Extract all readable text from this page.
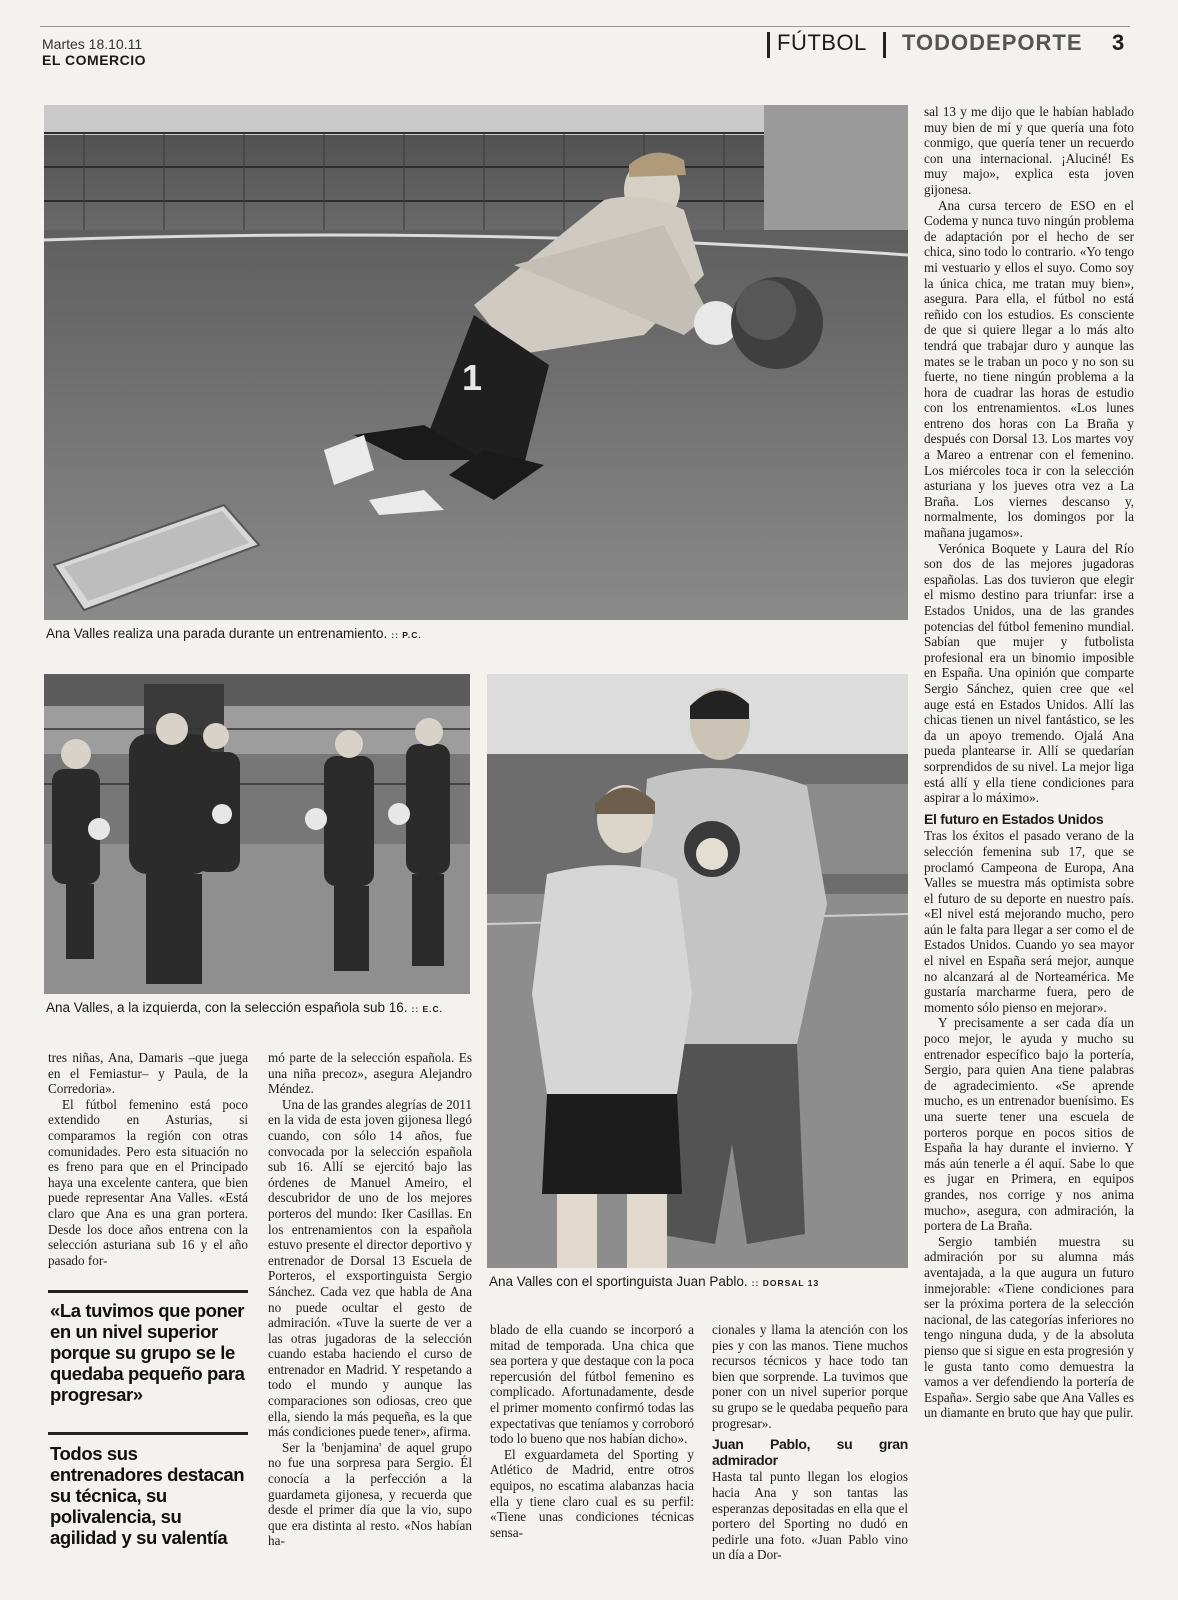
Martes 18.10.11
EL COMERCIO
FÚTBOL TODODEPORTE 3
1
Ana Valles realiza una parada durante un entrenamiento. :: P.C.
Ana Valles, a la izquierda, con la selección española sub 16. :: E.C.
Ana Valles con el sportinguista Juan Pablo. :: DORSAL 13

sal 13 y me dijo que le habían hablado muy bien de mí y que quería una foto conmigo, que quería tener un recuerdo con una internacional. ¡Aluciné! Es muy majo», explica esta joven gijonesa.

Ana cursa tercero de ESO en el Codema y nunca tuvo ningún problema de adaptación por el hecho de ser chica, sino todo lo contrario. «Yo tengo mi vestuario y ellos el suyo. Como soy la única chica, me tratan muy bien», asegura. Para ella, el fútbol no está reñido con los estudios. Es consciente de que si quiere llegar a lo más alto tendrá que trabajar duro y aunque las mates se le traban un poco y no son su fuerte, no tiene ningún problema a la hora de cuadrar las horas de estudio con los entrenamientos. «Los lunes entreno dos horas con La Braña y después con Dorsal 13. Los martes voy a Mareo a entrenar con el femenino. Los miércoles toca ir con la selección asturiana y los jueves otra vez a La Braña. Los viernes descanso y, normalmente, los domingos por la mañana jugamos».

Verónica Boquete y Laura del Río son dos de las mejores jugadoras españolas. Las dos tuvieron que elegir el mismo destino para triunfar: irse a Estados Unidos, una de las grandes potencias del fútbol femenino mundial. Sabían que mujer y futbolista profesional era un binomio imposible en España. Una opinión que comparte Sergio Sánchez, quien cree que «el auge está en Estados Unidos. Allí las chicas tienen un nivel fantástico, se les da un apoyo tremendo. Ojalá Ana pueda plantearse ir. Allí se quedarían sorprendidos de su nivel. La mejor liga está allí y ella tiene condiciones para aspirar a lo máximo».

El futuro en Estados Unidos

Tras los éxitos el pasado verano de la selección femenina sub 17, que se proclamó Campeona de Europa, Ana Valles se muestra más optimista sobre el futuro de su deporte en nuestro país. «El nivel está mejorando mucho, pero aún le falta para llegar a ser como el de Estados Unidos. Cuando yo sea mayor el nivel en España será mejor, aunque no alcanzará al de Norteamérica. Me gustaría marcharme fuera, pero de momento sólo pienso en mejorar».

Y precisamente a ser cada día un poco mejor, le ayuda y mucho su entrenador específico bajo la portería, Sergio, para quien Ana tiene palabras de agradecimiento. «Se aprende mucho, es un entrenador buenísimo. Es una suerte tener una escuela de porteros porque en pocos sitios de España la hay durante el invierno. Y más aún tenerle a él aquí. Sabe lo que es jugar en Primera, en equipos grandes, nos corrige y nos anima mucho», asegura, con admiración, la portera de La Braña.

Sergio también muestra su admiración por su alumna más aventajada, a la que augura un futuro inmejorable: «Tiene condiciones para ser la próxima portera de la selección nacional, de las categorías inferiores no tengo ninguna duda, y de la absoluta pienso que si sigue en esta progresión y le gusta tanto como demuestra la vamos a ver defendiendo la portería de España». Sergio sabe que Ana Valles es un diamante en bruto que hay que pulir.

tres niñas, Ana, Damaris –que juega en el Femiastur– y Paula, de la Corredoria».

El fútbol femenino está poco extendido en Asturias, si comparamos la región con otras comunidades. Pero esta situación no es freno para que en el Principado haya una excelente cantera, que bien puede representar Ana Valles. «Está claro que Ana es una gran portera. Desde los doce años entrena con la selección asturiana sub 16 y el año pasado for-

«La tuvimos que poner en un nivel superior porque su grupo se le quedaba pequeño para progresar»
Todos sus entrenadores destacan su técnica, su polivalencia, su agilidad y su valentía

mó parte de la selección española. Es una niña precoz», asegura Alejandro Méndez.

Una de las grandes alegrías de 2011 en la vida de esta joven gijonesa llegó cuando, con sólo 14 años, fue convocada por la selección española sub 16. Allí se ejercitó bajo las órdenes de Manuel Ameiro, el descubridor de uno de los mejores porteros del mundo: Iker Casillas. En los entrenamientos con la española estuvo presente el director deportivo y entrenador de Dorsal 13 Escuela de Porteros, el exsportinguista Sergio Sánchez. Cada vez que habla de Ana no puede ocultar el gesto de admiración. «Tuve la suerte de ver a las otras jugadoras de la selección cuando estaba haciendo el curso de entrenador en Madrid. Y respetando a todo el mundo y aunque las comparaciones son odiosas, creo que ella, siendo la más pequeña, es la que más condiciones puede tener», afirma.

Ser la 'benjamina' de aquel grupo no fue una sorpresa para Sergio. Él conocía a la perfección a la guardameta gijonesa, y recuerda que desde el primer día que la vio, supo que era distinta al resto. «Nos habían ha-

blado de ella cuando se incorporó a mitad de temporada. Una chica que sea portera y que destaque con la poca repercusión del fútbol femenino es complicado. Afortunadamente, desde el primer momento confirmó todas las expectativas que teníamos y corroboró todo lo bueno que nos habían dicho».

El exguardameta del Sporting y Atlético de Madrid, entre otros equipos, no escatima alabanzas hacia ella y tiene claro cual es su perfil: «Tiene unas condiciones técnicas sensa-

cionales y llama la atención con los pies y con las manos. Tiene muchos recursos técnicos y hace todo tan bien que sorprende. La tuvimos que poner con un nivel superior porque su grupo se le quedaba pequeño para progresar».

Juan Pablo, su gran admirador

Hasta tal punto llegan los elogios hacia Ana y son tantas las esperanzas depositadas en ella que el portero del Sporting no dudó en pedirle una foto. «Juan Pablo vino un día a Dor-
